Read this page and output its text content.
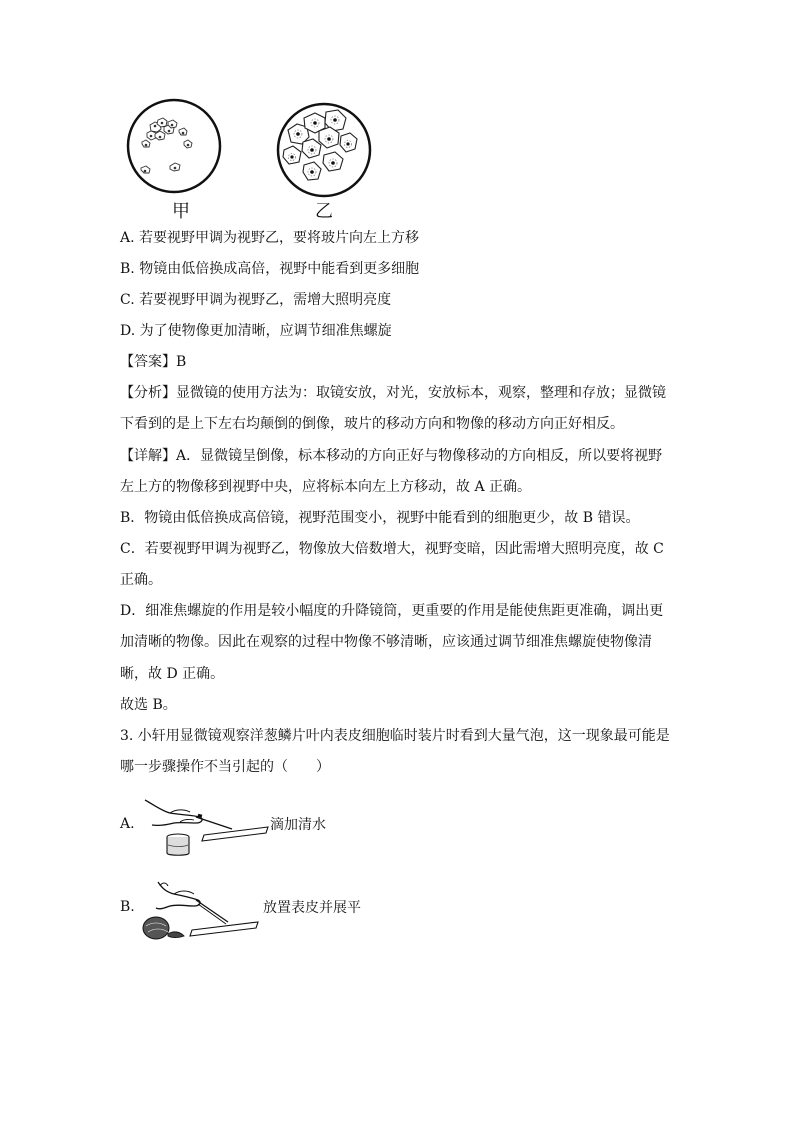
甲	乙
A. 若要视野甲调为视野乙，要将玻片向左上方移
B. 物镜由低倍换成高倍，视野中能看到更多细胞
C. 若要视野甲调为视野乙，需增大照明亮度
D. 为了使物像更加清晰，应调节细准焦螺旋
【答案】B
【分析】显微镜的使用方法为：取镜安放，对光，安放标本，观察，整理和存放；显微镜
下看到的是上下左右均颠倒的倒像，玻片的移动方向和物像的移动方向正好相反。
【详解】A．显微镜呈倒像，标本移动的方向正好与物像移动的方向相反，所以要将视野
左上方的物像移到视野中央，应将标本向左上方移动，故 A 正确。
B．物镜由低倍换成高倍镜，视野范围变小，视野中能看到的细胞更少，故 B 错误。
C．若要视野甲调为视野乙，物像放大倍数增大，视野变暗，因此需增大照明亮度，故 C
正确。
D．细准焦螺旋的作用是较小幅度的升降镜筒，更重要的作用是能使焦距更准确，调出更
加清晰的物像。因此在观察的过程中物像不够清晰，应该通过调节细准焦螺旋使物像清
晰，故 D 正确。
故选 B。
3. 小轩用显微镜观察洋葱鳞片叶内表皮细胞临时装片时看到大量气泡，这一现象最可能是
哪一步骤操作不当引起的（　　）
A.	滴加清水
B.	放置表皮并展平
